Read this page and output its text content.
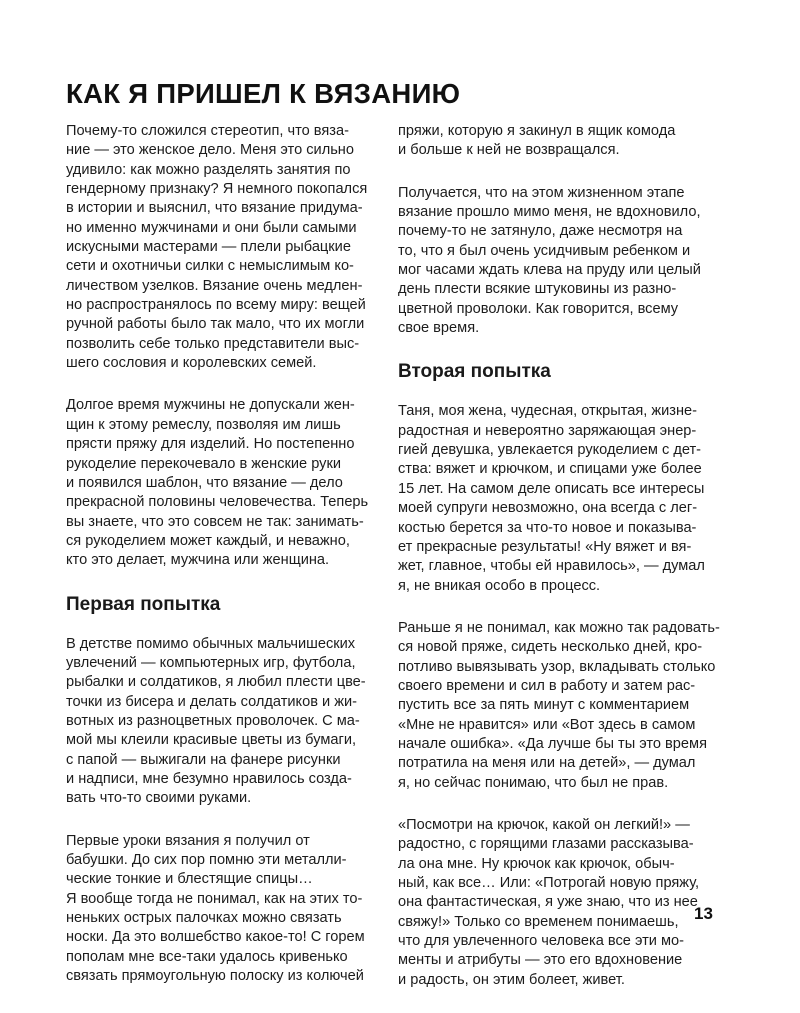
КАК Я ПРИШЕЛ К ВЯЗАНИЮ
Почему-то сложился стереотип, что вяза-
ние — это женское дело. Меня это сильно
удивило: как можно разделять занятия по
гендерному признаку? Я немного покопался
в истории и выяснил, что вязание придума-
но именно мужчинами и они были самыми
искусными мастерами — плели рыбацкие
сети и охотничьи силки с немыслимым ко-
личеством узелков. Вязание очень медлен-
но распространялось по всему миру: вещей
ручной работы было так мало, что их могли
позволить себе только представители выс-
шего сословия и королевских семей.
Долгое время мужчины не допускали жен-
щин к этому ремеслу, позволяя им лишь
прясти пряжу для изделий. Но постепенно
рукоделие перекочевало в женские руки
и появился шаблон, что вязание — дело
прекрасной половины человечества. Теперь
вы знаете, что это совсем не так: занимать-
ся рукоделием может каждый, и неважно,
кто это делает, мужчина или женщина.
Первая попытка
В детстве помимо обычных мальчишеских
увлечений — компьютерных игр, футбола,
рыбалки и солдатиков, я любил плести цве-
точки из бисера и делать солдатиков и жи-
вотных из разноцветных проволочек. С ма-
мой мы клеили красивые цветы из бумаги,
с папой — выжигали на фанере рисунки
и надписи, мне безумно нравилось созда-
вать что-то своими руками.
Первые уроки вязания я получил от
бабушки. До сих пор помню эти металли-
ческие тонкие и блестящие спицы…
Я вообще тогда не понимал, как на этих то-
неньких острых палочках можно связать
носки. Да это волшебство какое-то! С горем
пополам мне все-таки удалось кривенько
связать прямоугольную полоску из колючей
пряжи, которую я закинул в ящик комода
и больше к ней не возвращался.
Получается, что на этом жизненном этапе
вязание прошло мимо меня, не вдохновило,
почему-то не затянуло, даже несмотря на
то, что я был очень усидчивым ребенком и
мог часами ждать клева на пруду или целый
день плести всякие штуковины из разно-
цветной проволоки. Как говорится, всему
свое время.
Вторая попытка
Таня, моя жена, чудесная, открытая, жизне-
радостная и невероятно заряжающая энер-
гией девушка, увлекается рукоделием с дет-
ства: вяжет и крючком, и спицами уже более
15 лет. На самом деле описать все интересы
моей супруги невозможно, она всегда с лег-
костью берется за что-то новое и показыва-
ет прекрасные результаты! «Ну вяжет и вя-
жет, главное, чтобы ей нравилось», — думал
я, не вникая особо в процесс.
Раньше я не понимал, как можно так радовать-
ся новой пряже, сидеть несколько дней, кро-
потливо вывязывать узор, вкладывать столько
своего времени и сил в работу и затем рас-
пустить все за пять минут с комментарием
«Мне не нравится» или «Вот здесь в самом
начале ошибка». «Да лучше бы ты это время
потратила на меня или на детей», — думал
я, но сейчас понимаю, что был не прав.
«Посмотри на крючок, какой он легкий!» —
радостно, с горящими глазами рассказыва-
ла она мне. Ну крючок как крючок, обыч-
ный, как все… Или: «Потрогай новую пряжу,
она фантастическая, я уже знаю, что из нее
свяжу!» Только со временем понимаешь,
что для увлеченного человека все эти мо-
менты и атрибуты — это его вдохновение
и радость, он этим болеет, живет.
13
